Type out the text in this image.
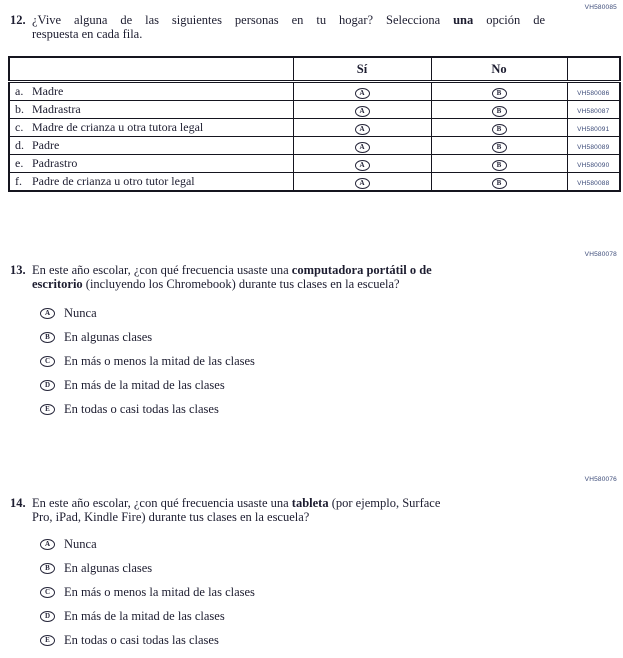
VH580085
12. ¿Vive alguna de las siguientes personas en tu hogar? Selecciona una opción de
respuesta en cada fila.
	Sí	No	
a. Madre	A	B	VH580086
b. Madrastra	A	B	VH580087
c. Madre de crianza u otra tutora legal	A	B	VH580091
d. Padre	A	B	VH580089
e. Padrastro	A	B	VH580090
f. Padre de crianza u otro tutor legal	A	B	VH580088
VH580078
13. En este año escolar, ¿con qué frecuencia usaste una computadora portátil o de
escritorio (incluyendo los Chromebook) durante tus clases en la escuela?
A	Nunca
B	En algunas clases
C	En más o menos la mitad de las clases
D	En más de la mitad de las clases
E	En todas o casi todas las clases
VH580076
14. En este año escolar, ¿con qué frecuencia usaste una tableta (por ejemplo, Surface
Pro, iPad, Kindle Fire) durante tus clases en la escuela?
A	Nunca
B	En algunas clases
C	En más o menos la mitad de las clases
D	En más de la mitad de las clases
E	En todas o casi todas las clases
